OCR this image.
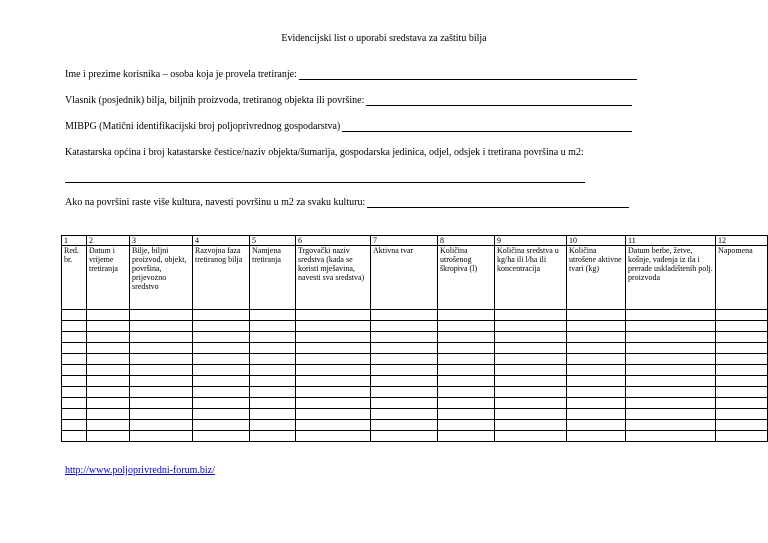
Evidencijski list o uporabi sredstava za zaštitu bilja
Ime i prezime korisnika – osoba koja je provela tretiranje:
Vlasnik (posjednik) bilja, biljnih proizvoda, tretiranog objekta ili površine:
MIBPG (Matični identifikacijski broj poljoprivrednog gospodarstva)
Katastarska općina i broj katastarske čestice/naziv objekta/šumarija, gospodarska jedinica, odjel, odsjek i tretirana površina u m2:
Ako na površini raste više kultura, navesti površinu u m2 za svaku kulturu:
1	2	3	4	5	6	7	8	9	10	11	12
Red. br.	Datum i vrijeme tretiranja	Bilje, biljni proizvod, objekt, površina, prijevozno sredstvo	Razvojna faza tretiranog bilja	Namjena tretiranja	Trgovački naziv sredstva (kada se koristi mješavina, navesti sva sredstva)	Aktivna tvar	Količina utrošenog škropiva (l)	Količina sredstva u kg/ha ili l/ha ili koncentracija	Količina utrošene aktivne tvari (kg)	Datum berbe, žetve, košnje, vađenja iz tla i prerade uskladištenih polj. proizvoda	Napomena

http://www.poljoprivredni-forum.biz/
